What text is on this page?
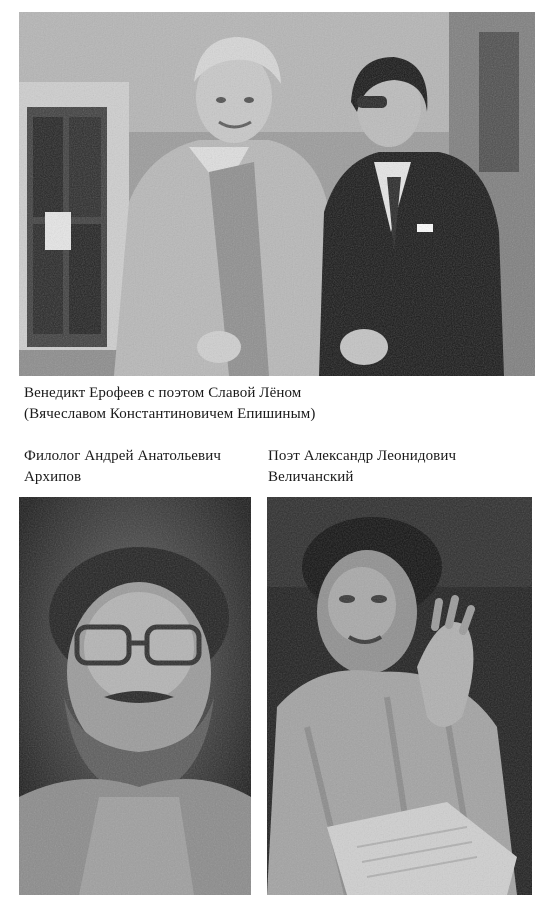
Венедикт Ерофеев с поэтом Славой Лёном
(Вячеславом Константиновичем Епишиным)
Филолог Андрей Анатольевич
Архипов
Поэт Александр Леонидович
Величанский
